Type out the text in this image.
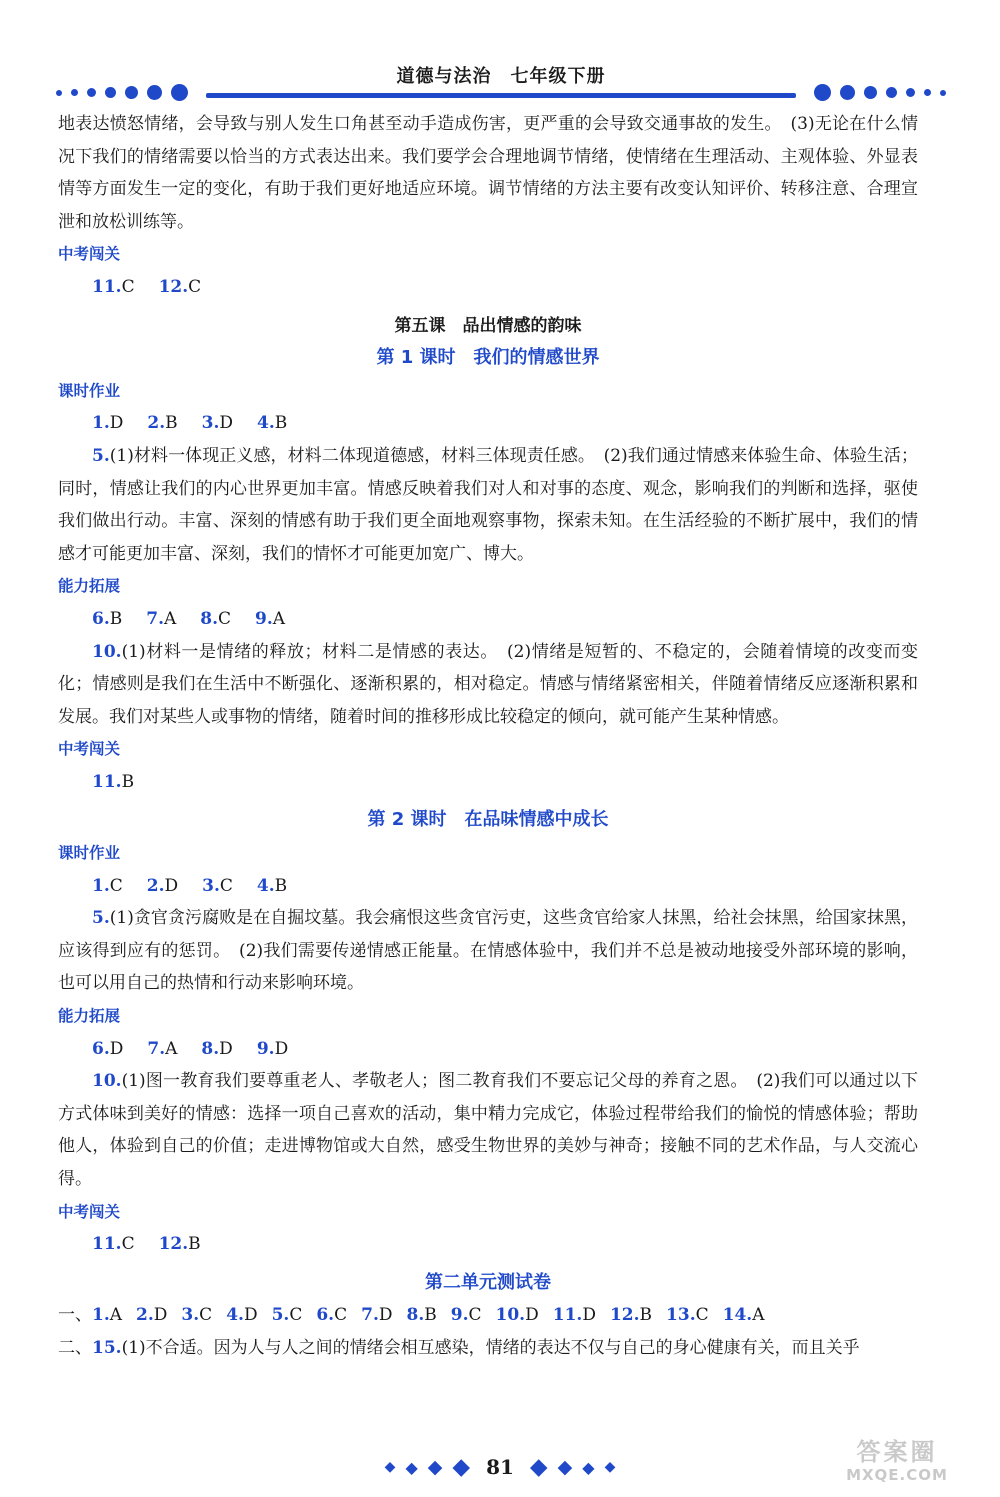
道德与法治　七年级下册

地表达愤怒情绪，会导致与别人发生口角甚至动手造成伤害，更严重的会导致交通事故的发生。　(3)无论在什么情况下我们的情绪需要以恰当的方式表达出来。我们要学会合理地调节情绪，使情绪在生理活动、主观体验、外显表情等方面发生一定的变化，有助于我们更好地适应环境。调节情绪的方法主要有改变认知评价、转移注意、合理宣泄和放松训练等。

中考闯关

11.C 12.C

第五课　品出情感的韵味

第 1 课时　我们的情感世界

课时作业

1.D 2.B 3.D 4.B

5.(1)材料一体现正义感，材料二体现道德感，材料三体现责任感。　(2)我们通过情感来体验生命、体验生活；同时，情感让我们的内心世界更加丰富。情感反映着我们对人和对事的态度、观念，影响我们的判断和选择，驱使我们做出行动。丰富、深刻的情感有助于我们更全面地观察事物，探索未知。在生活经验的不断扩展中，我们的情感才可能更加丰富、深刻，我们的情怀才可能更加宽广、博大。

能力拓展

6.B 7.A 8.C 9.A

10.(1)材料一是情绪的释放；材料二是情感的表达。　(2)情绪是短暂的、不稳定的，会随着情境的改变而变化；情感则是我们在生活中不断强化、逐渐积累的，相对稳定。情感与情绪紧密相关，伴随着情绪反应逐渐积累和发展。我们对某些人或事物的情绪，随着时间的推移形成比较稳定的倾向，就可能产生某种情感。

中考闯关

11.B

第 2 课时　在品味情感中成长

课时作业

1.C 2.D 3.C 4.B

5.(1)贪官贪污腐败是在自掘坟墓。我会痛恨这些贪官污吏，这些贪官给家人抹黑，给社会抹黑，给国家抹黑，应该得到应有的惩罚。　(2)我们需要传递情感正能量。在情感体验中，我们并不总是被动地接受外部环境的影响，也可以用自己的热情和行动来影响环境。

能力拓展

6.D 7.A 8.D 9.D

10.(1)图一教育我们要尊重老人、孝敬老人；图二教育我们不要忘记父母的养育之恩。　(2)我们可以通过以下方式体味到美好的情感：选择一项自己喜欢的活动，集中精力完成它，体验过程带给我们的愉悦的情感体验；帮助他人，体验到自己的价值；走进博物馆或大自然，感受生物世界的美妙与神奇；接触不同的艺术作品，与人交流心得。

中考闯关

11.C 12.B

第二单元测试卷

一、1.A 2.D 3.C 4.D 5.C 6.C 7.D 8.B 9.C 10.D 11.D 12.B 13.C 14.A

二、15.(1)不合适。因为人与人之间的情绪会相互感染，情绪的表达不仅与自己的身心健康有关，而且关乎

◆ ◆ ◆ ◆ 81 ◆ ◆ ◆ ◆
答案圈
MXQE.COM
